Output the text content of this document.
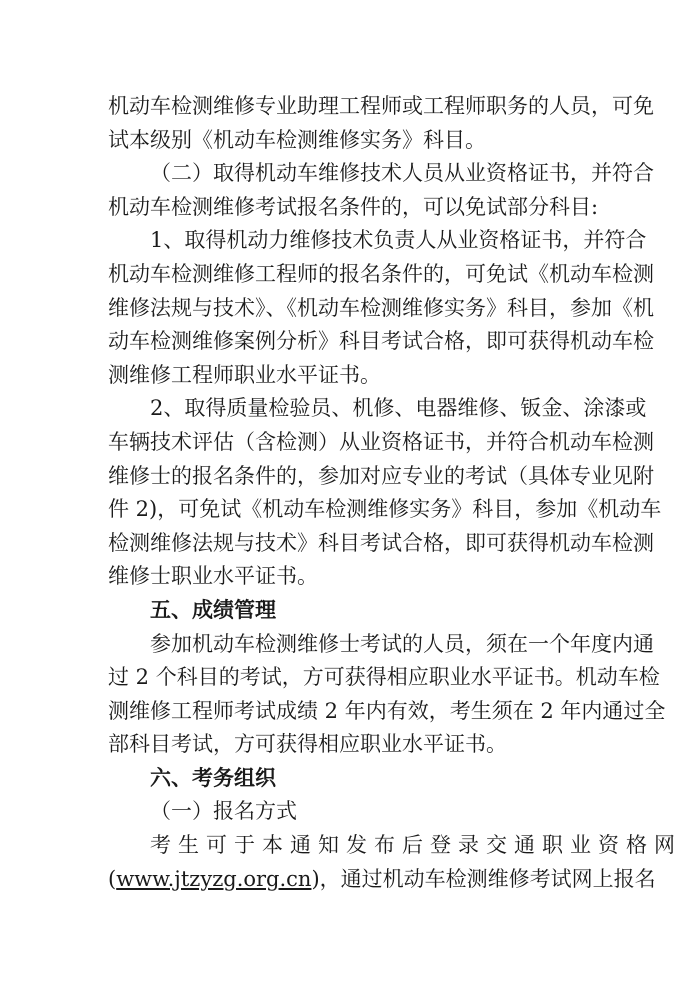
机动车检测维修专业助理工程师或工程师职务的人员，可免
试本级别《机动车检测维修实务》科目。
（二）取得机动车维修技术人员从业资格证书，并符合
机动车检测维修考试报名条件的，可以免试部分科目:
1、取得机动力维修技术负责人从业资格证书，并符合
机动车检测维修工程师的报名条件的，可免试《机动车检测
维修法规与技术》、《机动车检测维修实务》科目，参加《机
动车检测维修案例分析》科目考试合格，即可获得机动车检
测维修工程师职业水平证书。
2、取得质量检验员、机修、电器维修、钣金、涂漆或
车辆技术评估（含检测）从业资格证书，并符合机动车检测
维修士的报名条件的，参加对应专业的考试（具体专业见附
件 2)，可免试《机动车检测维修实务》科目，参加《机动车
检测维修法规与技术》科目考试合格，即可获得机动车检测
维修士职业水平证书。
五、成绩管理
参加机动车检测维修士考试的人员，须在一个年度内通
过 2 个科目的考试，方可获得相应职业水平证书。机动车检
测维修工程师考试成绩 2 年内有效，考生须在 2 年内通过全
部科目考试，方可获得相应职业水平证书。
六、考务组织
（一）报名方式
考生可于本通知发布后登录交通职业资格网
(www.jtzyzg.org.cn)，通过机动车检测维修考试网上报名
